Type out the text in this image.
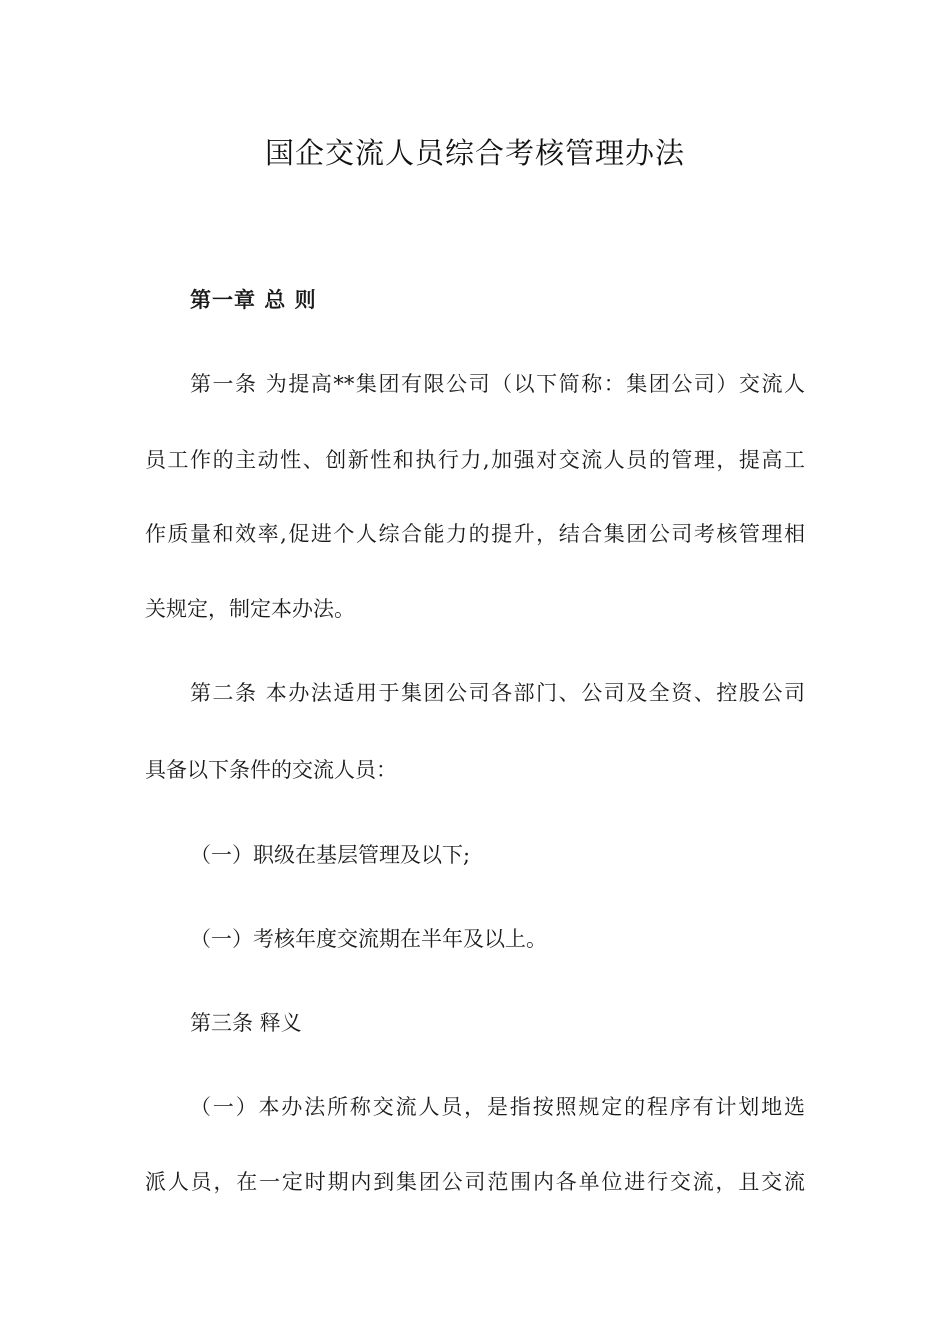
国企交流人员综合考核管理办法
第一章 总 则
第一条 为提高**集团有限公司（以下简称：集团公司）交流人
员工作的主动性、创新性和执行力,加强对交流人员的管理，提高工
作质量和效率,促进个人综合能力的提升，结合集团公司考核管理相
关规定，制定本办法。
第二条 本办法适用于集团公司各部门、公司及全资、控股公司
具备以下条件的交流人员：
（一）职级在基层管理及以下;
（一）考核年度交流期在半年及以上。
第三条 释义
（一）本办法所称交流人员，是指按照规定的程序有计划地选
派人员，在一定时期内到集团公司范围内各单位进行交流，且交流
